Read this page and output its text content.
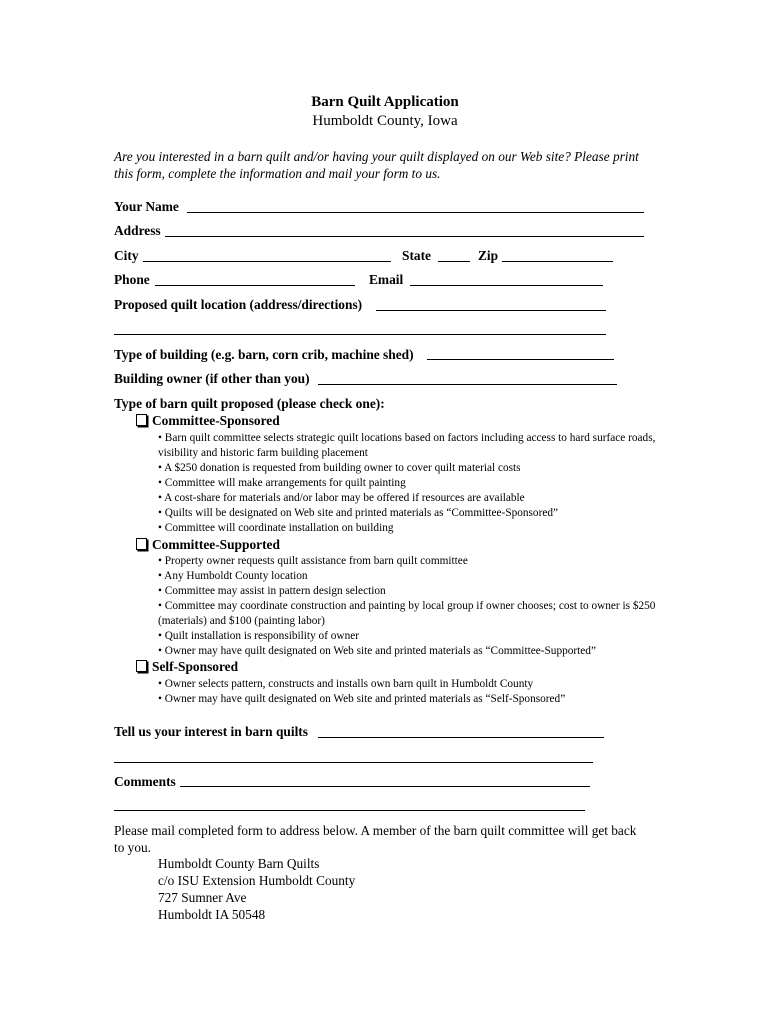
Barn Quilt Application
Humboldt County, Iowa
Are you interested in a barn quilt and/or having your quilt displayed on our Web site? Please print this form, complete the information and mail your form to us.
Your Name
Address
City	State	Zip
Phone	Email
Proposed quilt location (address/directions)
Type of building (e.g. barn, corn crib, machine shed)
Building owner (if other than you)
Type of barn quilt proposed (please check one):
Committee-Sponsored
• Barn quilt committee selects strategic quilt locations based on factors including access to hard surface roads, visibility and historic farm building placement
• A $250 donation is requested from building owner to cover quilt material costs
• Committee will make arrangements for quilt painting
• A cost-share for materials and/or labor may be offered if resources are available
• Quilts will be designated on Web site and printed materials as “Committee-Sponsored”
• Committee will coordinate installation on building
Committee-Supported
• Property owner requests quilt assistance from barn quilt committee
• Any Humboldt County location
• Committee may assist in pattern design selection
• Committee may coordinate construction and painting by local group if owner chooses; cost to owner is $250 (materials) and $100 (painting labor)
• Quilt installation is responsibility of owner
• Owner may have quilt designated on Web site and printed materials as “Committee-Supported”
Self-Sponsored
• Owner selects pattern, constructs and installs own barn quilt in Humboldt County
• Owner may have quilt designated on Web site and printed materials as “Self-Sponsored”
Tell us your interest in barn quilts
Comments
Please mail completed form to address below. A member of the barn quilt committee will get back to you.
Humboldt County Barn Quilts
c/o ISU Extension Humboldt County
727 Sumner Ave
Humboldt IA 50548
